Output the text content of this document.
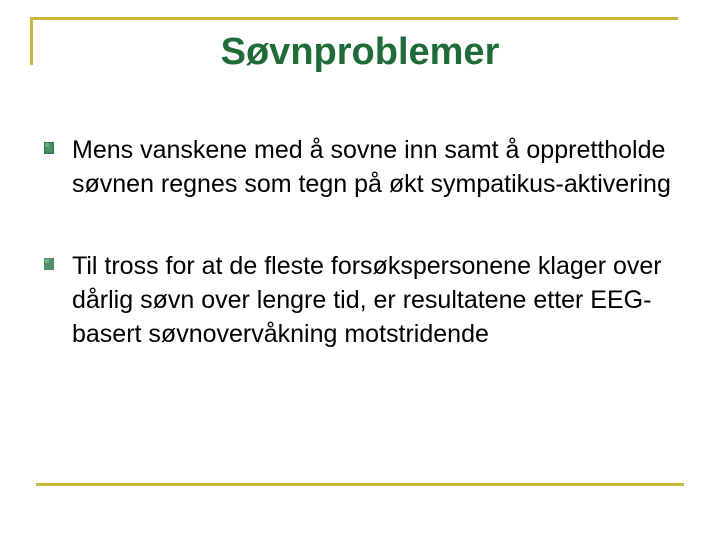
Søvnproblemer
Mens vanskene med å sovne inn samt å opprettholde søvnen regnes som tegn på økt sympatikus-aktivering
Til tross for at de fleste forsøkspersonene klager over dårlig søvn over lengre tid, er resultatene etter EEG-basert søvnovervåkning motstridende
